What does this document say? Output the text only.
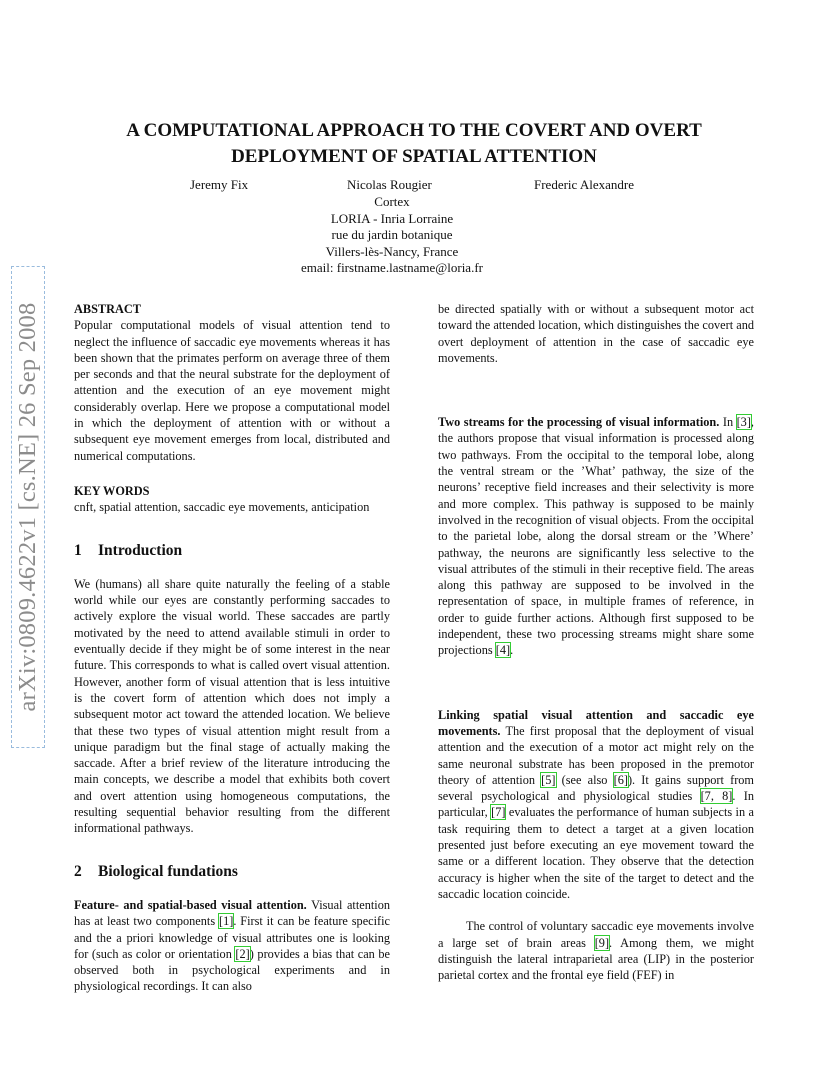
A COMPUTATIONAL APPROACH TO THE COVERT AND OVERT
DEPLOYMENT OF SPATIAL ATTENTION
Jeremy Fix	Nicolas Rougier	Frederic Alexandre
Cortex
LORIA - Inria Lorraine
rue du jardin botanique
Villers-lès-Nancy, France
email: firstname.lastname@loria.fr
arXiv:0809.4622v1 [cs.NE] 26 Sep 2008	ABSTRACT

Popular computational models of visual attention tend to neglect the influence of saccadic eye movements whereas it has been shown that the primates perform on average three of them per seconds and that the neural substrate for the deployment of attention and the execution of an eye movement might considerably overlap. Here we propose a computational model in which the deployment of attention with or without a subsequent eye movement emerges from local, distributed and numerical computations.

KEY WORDS

cnft, spatial attention, saccadic eye movements, anticipation

1 Introduction

We (humans) all share quite naturally the feeling of a stable world while our eyes are constantly performing saccades to actively explore the visual world. These saccades are partly motivated by the need to attend available stimuli in order to eventually decide if they might be of some interest in the near future. This corresponds to what is called overt visual attention. However, another form of visual attention that is less intuitive is the covert form of attention which does not imply a subsequent motor act toward the attended location. We believe that these two types of visual attention might result from a unique paradigm but the final stage of actually making the saccade. After a brief review of the literature introducing the main concepts, we describe a model that exhibits both covert and overt attention using homogeneous computations, the resulting sequential behavior resulting from the different informational pathways.

2 Biological fundations

Feature- and spatial-based visual attention. Visual attention has at least two components [1]. First it can be feature specific and the a priori knowledge of visual attributes one is looking for (such as color or orientation [2]) provides a bias that can be observed both in psychological experiments and in physiological recordings. It can also

be directed spatially with or without a subsequent motor act toward the attended location, which distinguishes the covert and overt deployment of attention in the case of saccadic eye movements.

Two streams for the processing of visual information. In [3], the authors propose that visual information is processed along two pathways. From the occipital to the temporal lobe, along the ventral stream or the ’What’ pathway, the size of the neurons’ receptive field increases and their selectivity is more and more complex. This pathway is supposed to be mainly involved in the recognition of visual objects. From the occipital to the parietal lobe, along the dorsal stream or the ’Where’ pathway, the neurons are significantly less selective to the visual attributes of the stimuli in their receptive field. The areas along this pathway are supposed to be involved in the representation of space, in multiple frames of reference, in order to guide further actions. Although first supposed to be independent, these two processing streams might share some projections [4].

Linking spatial visual attention and saccadic eye movements. The first proposal that the deployment of visual attention and the execution of a motor act might rely on the same neuronal substrate has been proposed in the premotor theory of attention [5] (see also [6]). It gains support from several psychological and physiological studies [7, 8]. In particular, [7] evaluates the performance of human subjects in a task requiring them to detect a target at a given location presented just before executing an eye movement toward the same or a different location. They observe that the detection accuracy is higher when the site of the target to detect and the saccadic location coincide.

The control of voluntary saccadic eye movements involve a large set of brain areas [9]. Among them, we might distinguish the lateral intraparietal area (LIP) in the posterior parietal cortex and the frontal eye field (FEF) in
